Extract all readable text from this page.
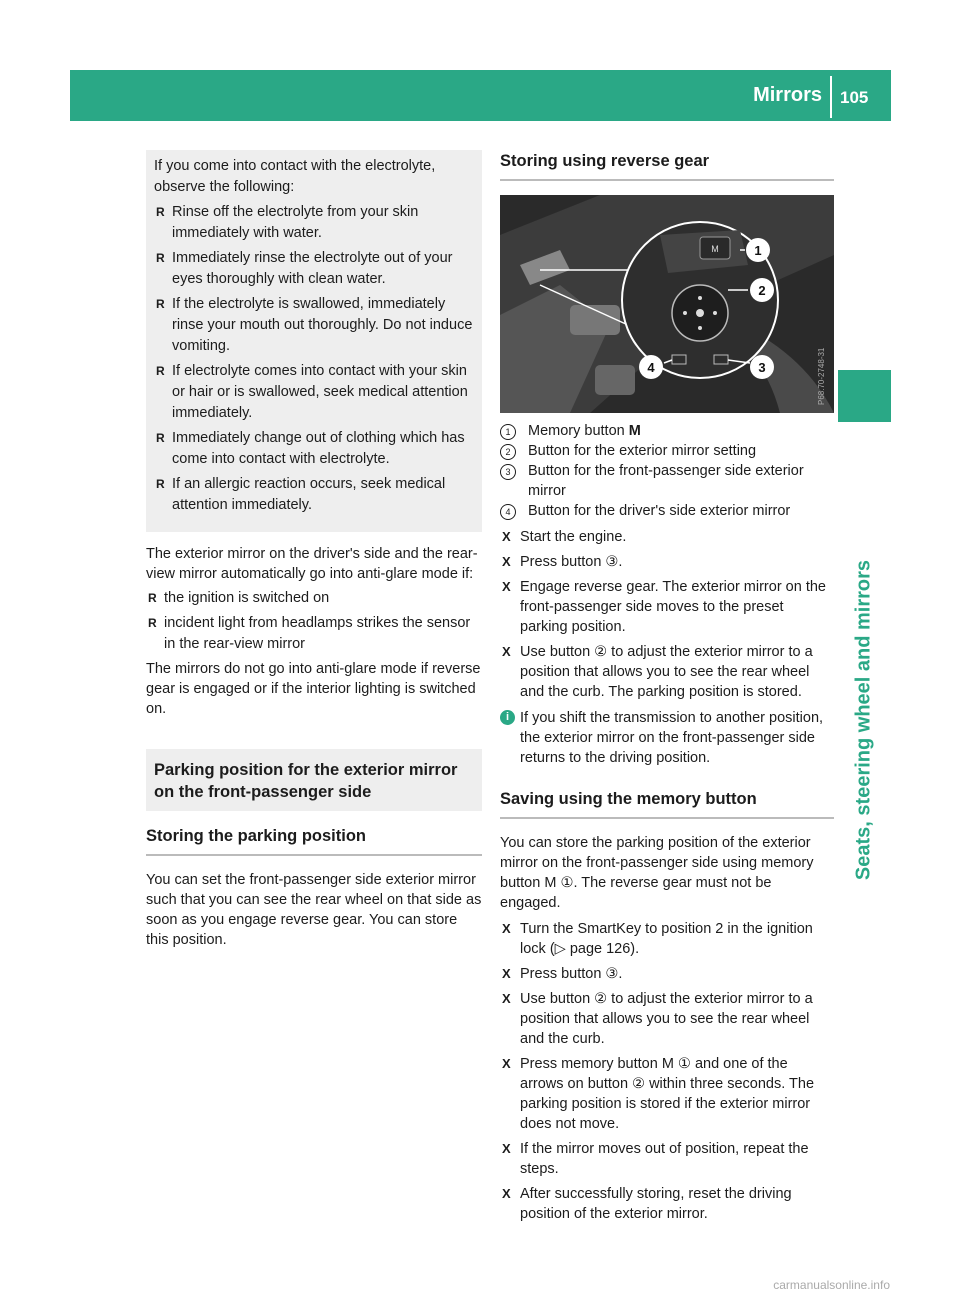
Mirrors 105
Seats, steering wheel and mirrors
If you come into contact with the electrolyte, observe the following:
R Rinse off the electrolyte from your skin immediately with water.
R Immediately rinse the electrolyte out of your eyes thoroughly with clean water.
R If the electrolyte is swallowed, immediately rinse your mouth out thoroughly. Do not induce vomiting.
R If electrolyte comes into contact with your skin or hair or is swallowed, seek medical attention immediately.
R Immediately change out of clothing which has come into contact with electrolyte.
R If an allergic reaction occurs, seek medical attention immediately.

The exterior mirror on the driver's side and the rear-view mirror automatically go into anti-glare mode if:

R the ignition is switched on
R incident light from headlamps strikes the sensor in the rear-view mirror

The mirrors do not go into anti-glare mode if reverse gear is engaged or if the interior lighting is switched on.

Parking position for the exterior mirror on the front-passenger side
Storing the parking position

You can set the front-passenger side exterior mirror such that you can see the rear wheel on that side as soon as you engage reverse gear. You can store this position.

Storing using reverse gear
M	1
2
3
4	P68.70-2748-31
1	Memory button M
2	Button for the exterior mirror setting
3	Button for the front-passenger side exterior mirror
4	Button for the driver's side exterior mirror
X Start the engine.
X Press button ③.
X Engage reverse gear. The exterior mirror on the front-passenger side moves to the preset parking position.
X Use button ② to adjust the exterior mirror to a position that allows you to see the rear wheel and the curb. The parking position is stored.
i If you shift the transmission to another position, the exterior mirror on the front-passenger side returns to the driving position.
Saving using the memory button

You can store the parking position of the exterior mirror on the front-passenger side using memory button M ①. The reverse gear must not be engaged.

X Turn the SmartKey to position 2 in the ignition lock (▷ page 126).
X Press button ③.
X Use button ② to adjust the exterior mirror to a position that allows you to see the rear wheel and the curb.
X Press memory button M ① and one of the arrows on button ② within three seconds. The parking position is stored if the exterior mirror does not move.
X If the mirror moves out of position, repeat the steps.
X After successfully storing, reset the driving position of the exterior mirror.
carmanualsonline.info
